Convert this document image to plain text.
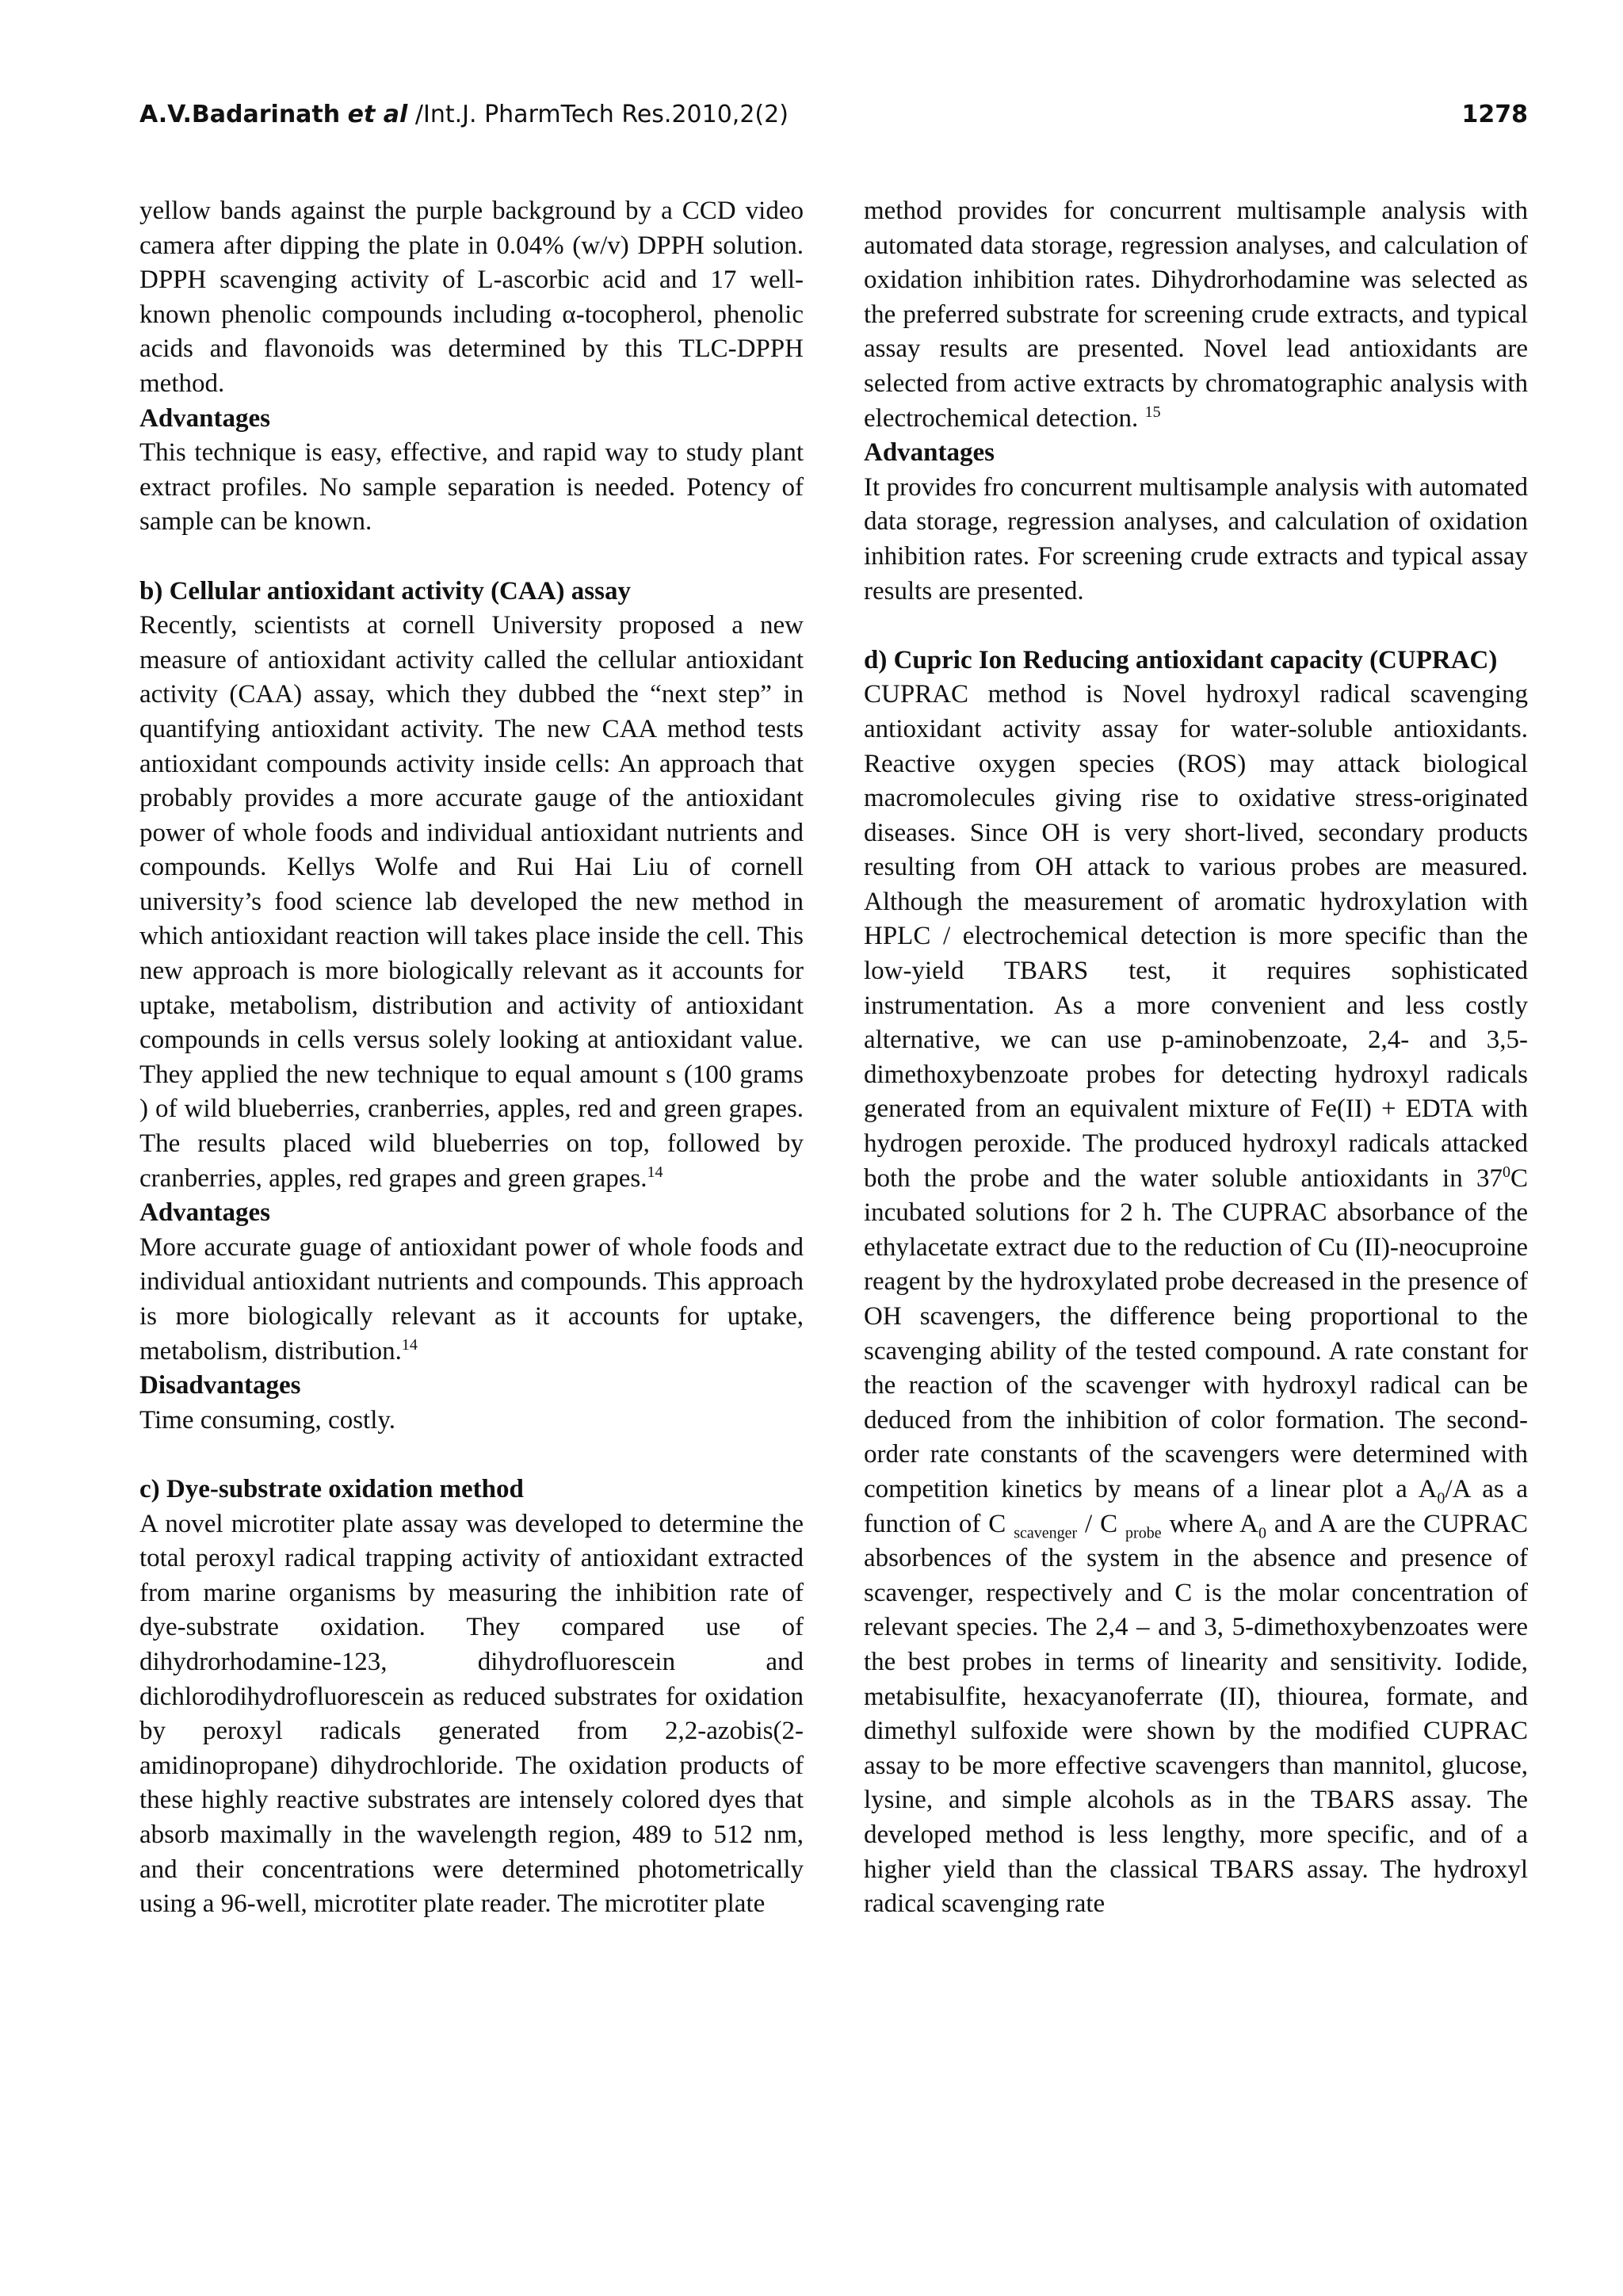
A.V.Badarinath et al /Int.J. PharmTech Res.2010,2(2)	1278

yellow bands against the purple background by a CCD video camera after dipping the plate in 0.04% (w/v) DPPH solution. DPPH scavenging activity of L-ascorbic acid and 17 well-known phenolic compounds including α-tocopherol, phenolic acids and flavonoids was determined by this TLC-DPPH method.

Advantages

This technique is easy, effective, and rapid way to study plant extract profiles. No sample separation is needed. Potency of sample can be known.

b) Cellular antioxidant activity (CAA) assay

Recently, scientists at cornell University proposed a new measure of antioxidant activity called the cellular antioxidant activity (CAA) assay, which they dubbed the “next step” in quantifying antioxidant activity. The new CAA method tests antioxidant compounds activity inside cells: An approach that probably provides a more accurate gauge of the antioxidant power of whole foods and individual antioxidant nutrients and compounds. Kellys Wolfe and Rui Hai Liu of cornell university’s food science lab developed the new method in which antioxidant reaction will takes place inside the cell. This new approach is more biologically relevant as it accounts for uptake, metabolism, distribution and activity of antioxidant compounds in cells versus solely looking at antioxidant value. They applied the new technique to equal amount s (100 grams ) of wild blueberries, cranberries, apples, red and green grapes. The results placed wild blueberries on top, followed by cranberries, apples, red grapes and green grapes.$^{14}$

Advantages

More accurate guage of antioxidant power of whole foods and individual antioxidant nutrients and compounds. This approach is more biologically relevant as it accounts for uptake, metabolism, distribution.$^{14}$

Disadvantages

Time consuming, costly.

c) Dye-substrate oxidation method

A novel microtiter plate assay was developed to determine the total peroxyl radical trapping activity of antioxidant extracted from marine organisms by measuring the inhibition rate of dye-substrate oxidation. They compared use of dihydrorhodamine-123, dihydrofluorescein and dichlorodihydrofluorescein as reduced substrates for oxidation by peroxyl radicals generated from 2,2-azobis(2-amidinopropane) dihydrochloride. The oxidation products of these highly reactive substrates are intensely colored dyes that absorb maximally in the wavelength region, 489 to 512 nm, and their concentrations were determined photometrically using a 96-well, microtiter plate reader. The microtiter plate

method provides for concurrent multisample analysis with automated data storage, regression analyses, and calculation of oxidation inhibition rates. Dihydrorhodamine was selected as the preferred substrate for screening crude extracts, and typical assay results are presented. Novel lead antioxidants are selected from active extracts by chromatographic analysis with electrochemical detection. $^{15}$

Advantages

It provides fro concurrent multisample analysis with automated data storage, regression analyses, and calculation of oxidation inhibition rates. For screening crude extracts and typical assay results are presented.

d) Cupric Ion Reducing antioxidant capacity (CUPRAC)

CUPRAC method is Novel hydroxyl radical scavenging antioxidant activity assay for water-soluble antioxidants. Reactive oxygen species (ROS) may attack biological macromolecules giving rise to oxidative stress-originated diseases. Since OH is very short-lived, secondary products resulting from OH attack to various probes are measured. Although the measurement of aromatic hydroxylation with HPLC / electrochemical detection is more specific than the low-yield TBARS test, it requires sophisticated instrumentation. As a more convenient and less costly alternative, we can use p-aminobenzoate, 2,4- and 3,5-dimethoxybenzoate probes for detecting hydroxyl radicals generated from an equivalent mixture of Fe(II) + EDTA with hydrogen peroxide. The produced hydroxyl radicals attacked both the probe and the water soluble antioxidants in $37^0C$ incubated solutions for 2 h. The CUPRAC absorbance of the ethylacetate extract due to the reduction of Cu (II)-neocuproine reagent by the hydroxylated probe decreased in the presence of OH scavengers, the difference being proportional to the scavenging ability of the tested compound. A rate constant for the reaction of the scavenger with hydroxyl radical can be deduced from the inhibition of color formation. The second-order rate constants of the scavengers were determined with competition kinetics by means of a linear plot a $A_0/A$ as a function of C $_{scavenger}$ / C $_{probe}$ where $A_0$ and A are the CUPRAC absorbences of the system in the absence and presence of scavenger, respectively and C is the molar concentration of relevant species. The 2,4 – and 3, 5-dimethoxybenzoates were the best probes in terms of linearity and sensitivity. Iodide, metabisulfite, hexacyanoferrate (II), thiourea, formate, and dimethyl sulfoxide were shown by the modified CUPRAC assay to be more effective scavengers than mannitol, glucose, lysine, and simple alcohols as in the TBARS assay. The developed method is less lengthy, more specific, and of a higher yield than the classical TBARS assay. The hydroxyl radical scavenging rate
